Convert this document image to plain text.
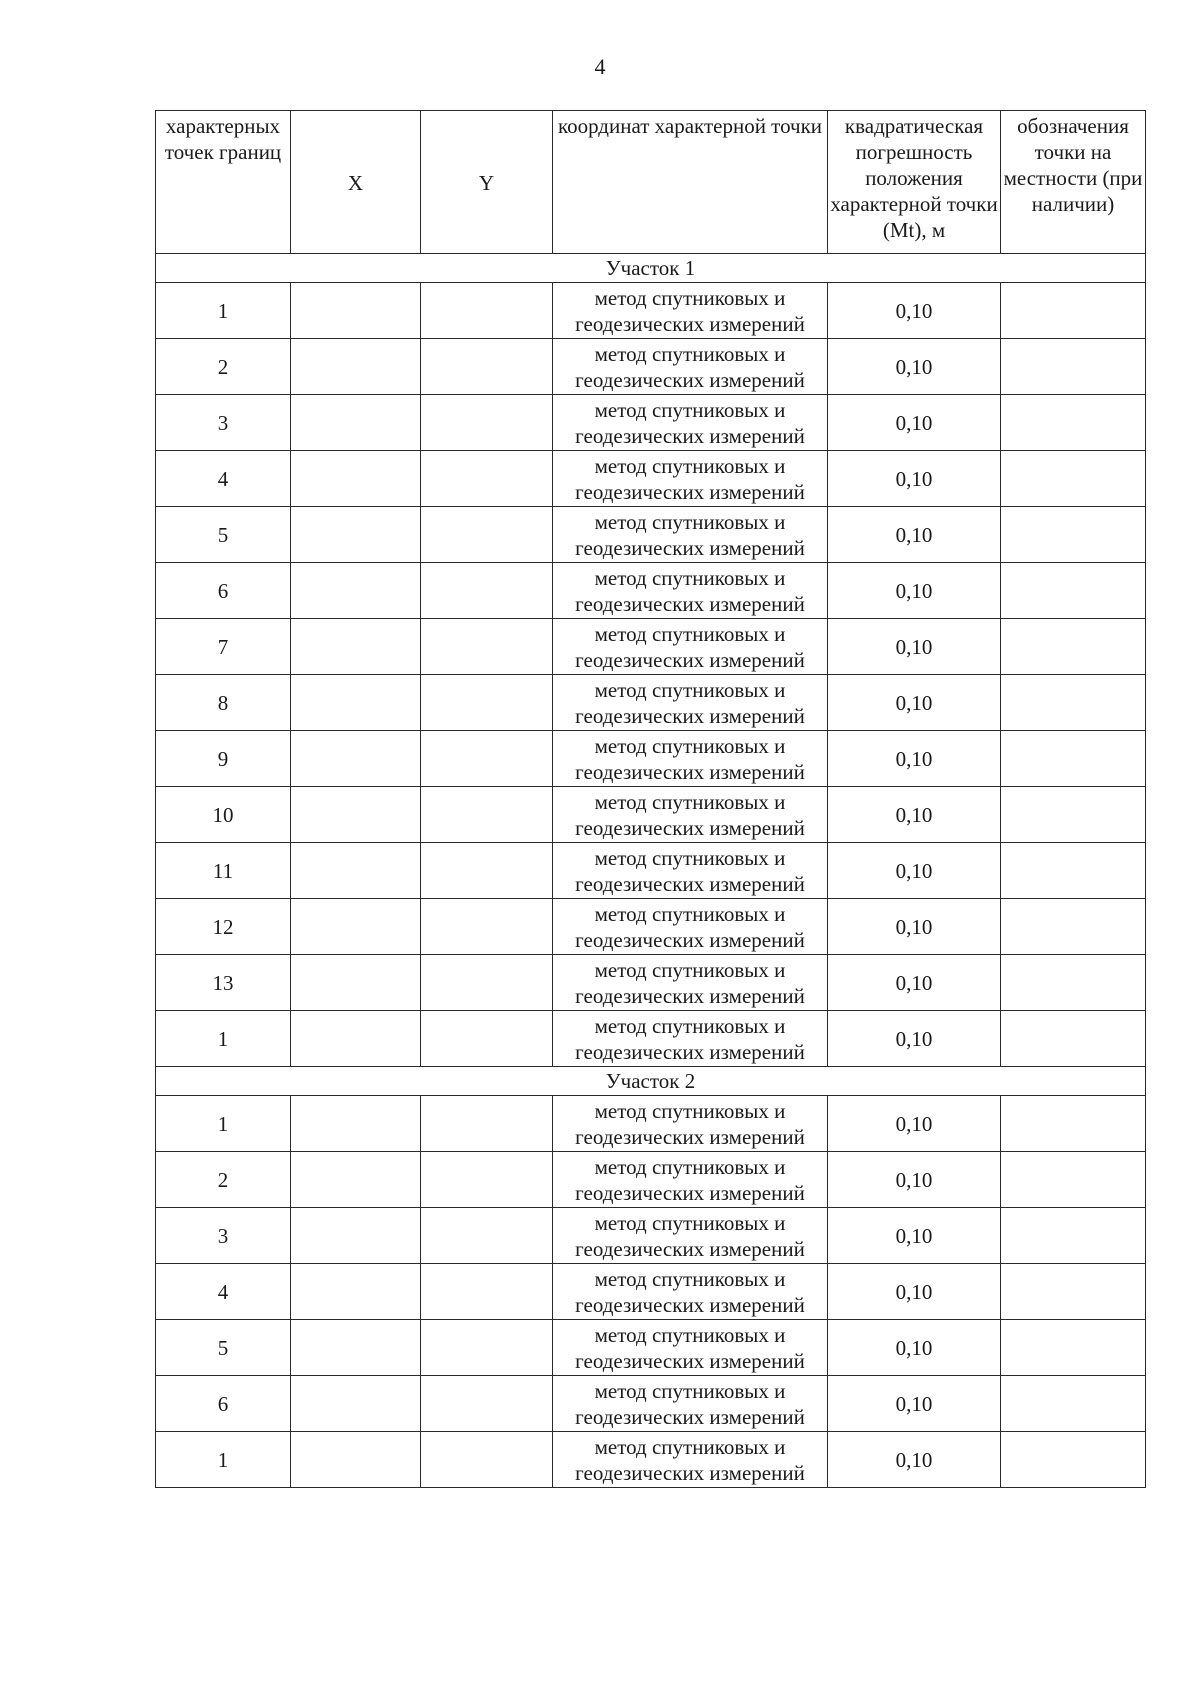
4
характерных точек границ	X	Y	координат характерной точки	квадратическая погрешность положения характерной точки (Mt), м	обозначения точки на местности (при наличии)
Участок 1					
1			метод спутниковых и геодезических измерений	0,10	
2			метод спутниковых и геодезических измерений	0,10	
3			метод спутниковых и геодезических измерений	0,10	
4			метод спутниковых и геодезических измерений	0,10	
5			метод спутниковых и геодезических измерений	0,10	
6			метод спутниковых и геодезических измерений	0,10	
7			метод спутниковых и геодезических измерений	0,10	
8			метод спутниковых и геодезических измерений	0,10	
9			метод спутниковых и геодезических измерений	0,10	
10			метод спутниковых и геодезических измерений	0,10	
11			метод спутниковых и геодезических измерений	0,10	
12			метод спутниковых и геодезических измерений	0,10	
13			метод спутниковых и геодезических измерений	0,10	
1			метод спутниковых и геодезических измерений	0,10	
Участок 2					
1			метод спутниковых и геодезических измерений	0,10	
2			метод спутниковых и геодезических измерений	0,10	
3			метод спутниковых и геодезических измерений	0,10	
4			метод спутниковых и геодезических измерений	0,10	
5			метод спутниковых и геодезических измерений	0,10	
6			метод спутниковых и геодезических измерений	0,10	
1			метод спутниковых и геодезических измерений	0,10	
